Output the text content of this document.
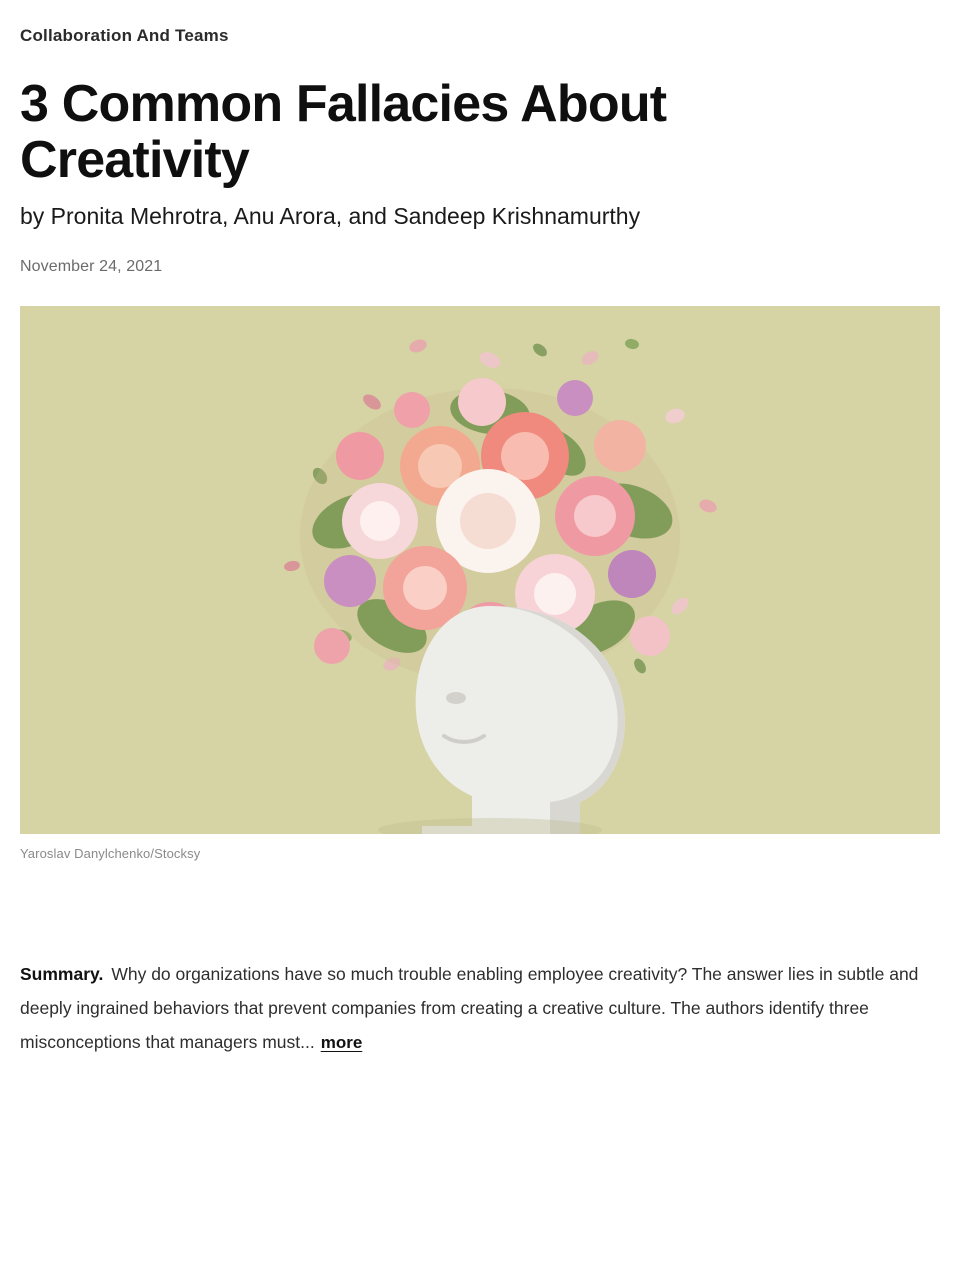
Collaboration And Teams
3 Common Fallacies About Creativity
by Pronita Mehrotra, Anu Arora, and Sandeep Krishnamurthy
November 24, 2021
Yaroslav Danylchenko/Stocksy
Summary. Why do organizations have so much trouble enabling employee creativity? The answer lies in subtle and deeply ingrained behaviors that prevent companies from creating a creative culture. The authors identify three misconceptions that managers must... more
